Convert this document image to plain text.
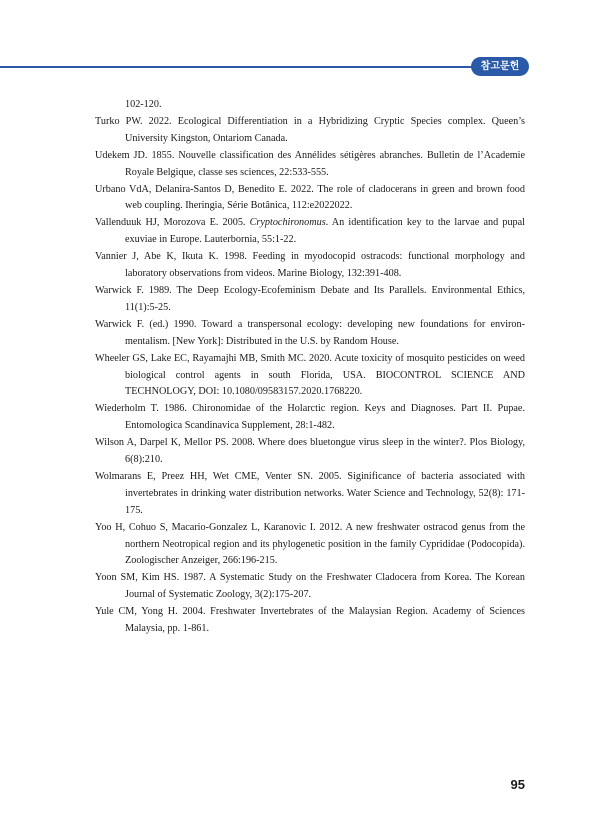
참고문헌

102-120.

Turko PW. 2022. Ecological Differentiation in a Hybridizing Cryptic Species complex. Queen’s University Kingston, Ontariom Canada.

Udekem JD. 1855. Nouvelle classification des Annélides sétigères abranches. Bulletin de l’Academie Royale Belgique, classe ses sciences, 22:533-555.

Urbano VdA, Delanira-Santos D, Benedito E. 2022. The role of cladocerans in green and brown food web coupling. Iheringia, Série Botânica, 112:e2022022.

Vallenduuk HJ, Morozova E. 2005. Cryptochironomus. An identification key to the larvae and pupal exuviae in Europe. Lauterbornia, 55:1-22.

Vannier J, Abe K, Ikuta K. 1998. Feeding in myodocopid ostracods: functional morphology and laboratory observations from videos. Marine Biology, 132:391-408.

Warwick F. 1989. The Deep Ecology-Ecofeminism Debate and Its Parallels. Environmental Ethics, 11(1):5-25.

Warwick F. (ed.) 1990. Toward a transpersonal ecology: developing new foundations for environ-mentalism. [New York]: Distributed in the U.S. by Random House.

Wheeler GS, Lake EC, Rayamajhi MB, Smith MC. 2020. Acute toxicity of mosquito pesticides on weed biological control agents in south Florida, USA. BIOCONTROL SCIENCE AND TECHNOLOGY, DOI: 10.1080/09583157.2020.1768220.

Wiederholm T. 1986. Chironomidae of the Holarctic region. Keys and Diagnoses. Part II. Pupae. Entomologica Scandinavica Supplement, 28:1-482.

Wilson A, Darpel K, Mellor PS. 2008. Where does bluetongue virus sleep in the winter?. Plos Biology, 6(8):210.

Wolmarans E, Preez HH, Wet CME, Venter SN. 2005. Siginificance of bacteria associated with invertebrates in drinking water distribution networks. Water Science and Technology, 52(8): 171-175.

Yoo H, Cohuo S, Macario-Gonzalez L, Karanovic I. 2012. A new freshwater ostracod genus from the northern Neotropical region and its phylogenetic position in the family Cyprididae (Podocopida). Zoologischer Anzeiger, 266:196-215.

Yoon SM, Kim HS. 1987. A Systematic Study on the Freshwater Cladocera from Korea. The Korean Journal of Systematic Zoology, 3(2):175-207.

Yule CM, Yong H. 2004. Freshwater Invertebrates of the Malaysian Region. Academy of Sciences Malaysia, pp. 1-861.

95
